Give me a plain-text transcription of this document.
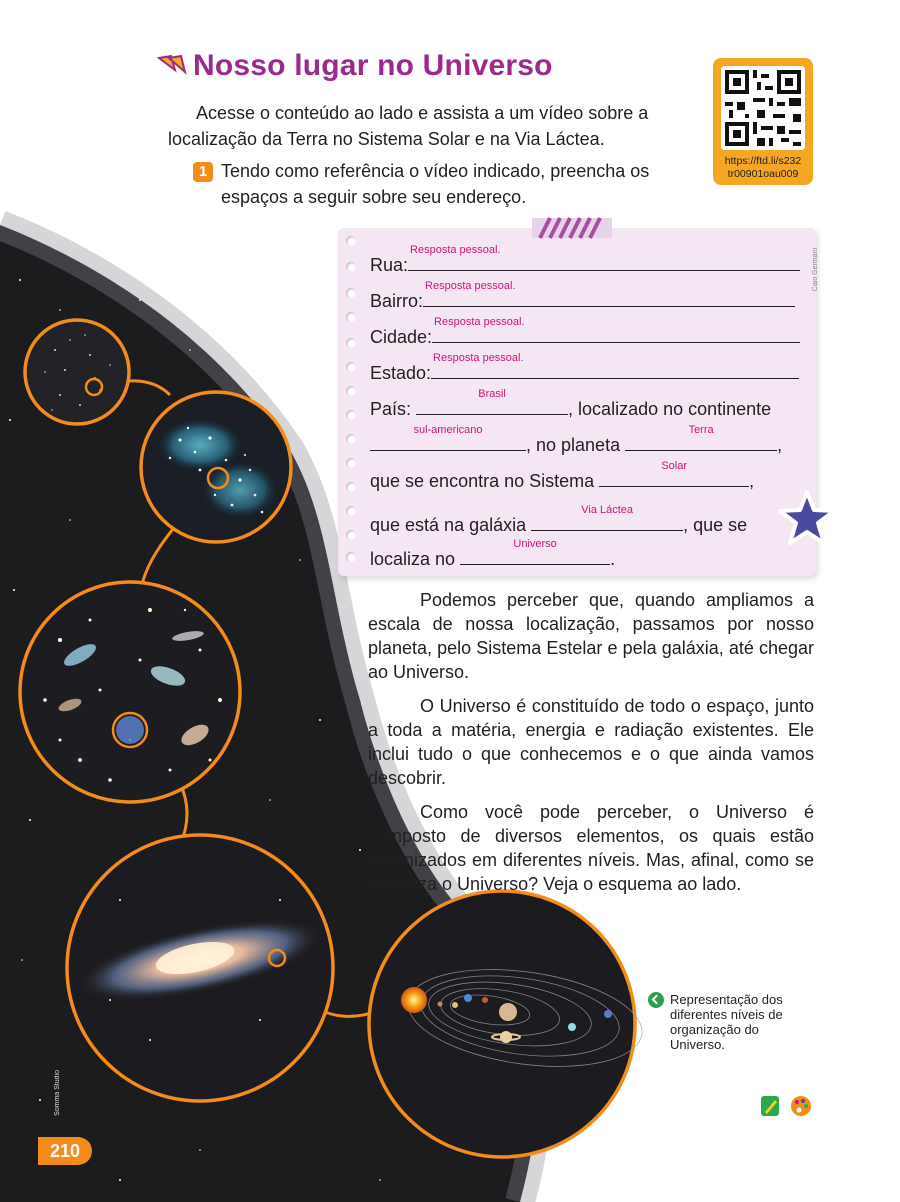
Nosso lugar no Universo

Acesse o conteúdo ao lado e assista a um vídeo sobre a localização da Terra no Sistema Solar e na Via Láctea.

1 Tendo como referência o vídeo indicado, preencha os espaços a seguir sobre seu endereço.
https://ftd.li/s232
tr00901oau009
Caio Germani
Rua:
Resposta pessoal.
Bairro:
Resposta pessoal.
Cidade:
Resposta pessoal.
Estado:
Resposta pessoal.
País:
Brasil
, localizado no continente
sul-americano
, no planeta
Terra
,
que se encontra no Sistema
Solar
,
que está na galáxia
Via Láctea
, que se
localiza no
Universo
.

Podemos perceber que, quando ampliamos a escala de nossa localização, passamos por nosso planeta, pelo Sistema Estelar e pela galáxia, até chegar ao Universo.

O Universo é constituído de todo o espaço, junto a toda a matéria, energia e radiação existentes. Ele inclui tudo o que conhecemos e o que ainda vamos descobrir.

Como você pode perceber, o Universo é composto de diversos elementos, os quais estão organizados em diferentes níveis. Mas, afinal, como se organiza o Universo? Veja o esquema ao lado.

Representação dos diferentes níveis de organização do Universo.
Somma Studio
210
